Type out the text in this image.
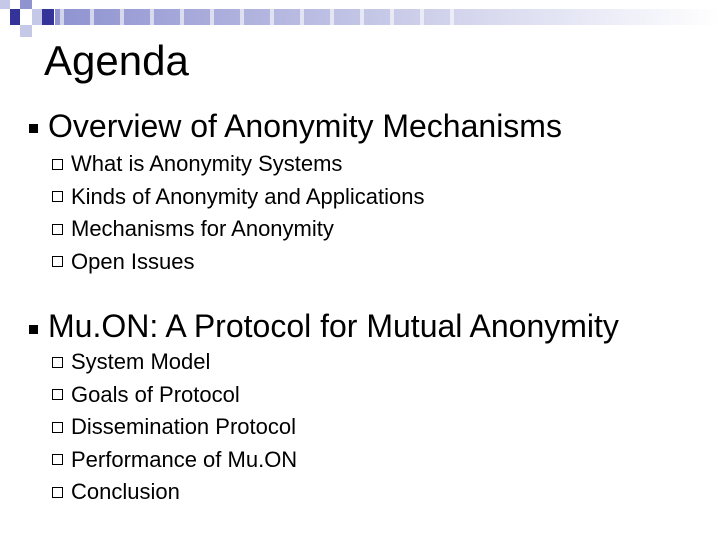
Agenda
Overview of Anonymity Mechanisms
What is Anonymity Systems
Kinds of Anonymity and Applications
Mechanisms for Anonymity
Open Issues
Mu.ON: A Protocol for Mutual Anonymity
System Model
Goals of Protocol
Dissemination Protocol
Performance of Mu.ON
Conclusion
